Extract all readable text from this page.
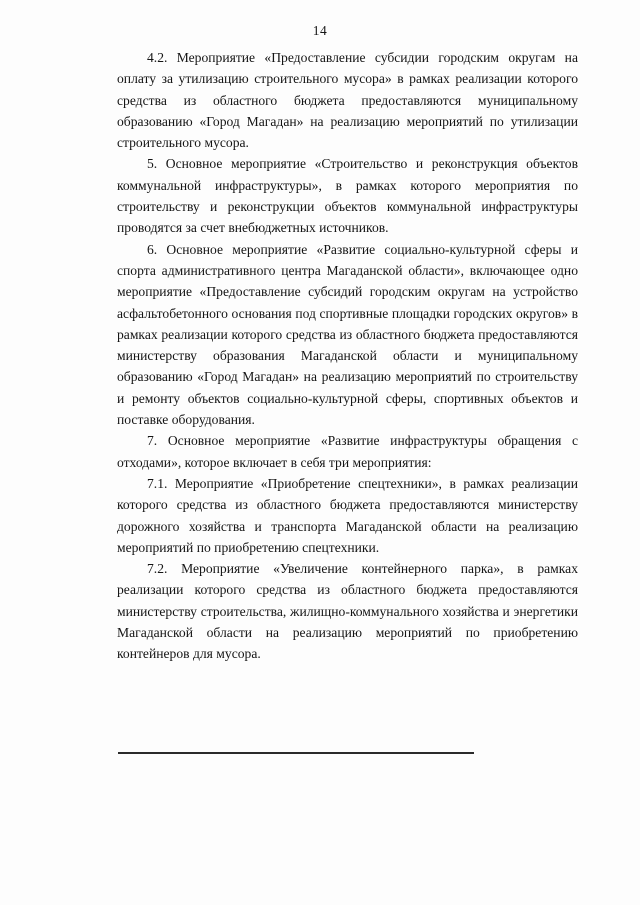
14

4.2. Мероприятие «Предоставление субсидии городским округам на оплату за утилизацию строительного мусора» в рамках реализации которого средства из областного бюджета предоставляются муниципальному образованию «Город Магадан» на реализацию мероприятий по утилизации строительного мусора.

5. Основное мероприятие «Строительство и реконструкция объектов коммунальной инфраструктуры», в рамках которого мероприятия по строительству и реконструкции объектов коммунальной инфраструктуры проводятся за счет внебюджетных источников.

6. Основное мероприятие «Развитие социально-культурной сферы и спорта административного центра Магаданской области», включающее одно мероприятие «Предоставление субсидий городским округам на устройство асфальтобетонного основания под спортивные площадки городских округов» в рамках реализации которого средства из областного бюджета предоставляются министерству образования Магаданской области и муниципальному образованию «Город Магадан» на реализацию мероприятий по строительству и ремонту объектов социально-культурной сферы, спортивных объектов и поставке оборудования.

7. Основное мероприятие «Развитие инфраструктуры обращения с отходами», которое включает в себя три мероприятия:

7.1. Мероприятие «Приобретение спецтехники», в рамках реализации которого средства из областного бюджета предоставляются министерству дорожного хозяйства и транспорта Магаданской области на реализацию мероприятий по приобретению спецтехники.

7.2. Мероприятие «Увеличение контейнерного парка», в рамках реализации которого средства из областного бюджета предоставляются министерству строительства, жилищно-коммунального хозяйства и энергетики Магаданской области на реализацию мероприятий по приобретению контейнеров для мусора.
